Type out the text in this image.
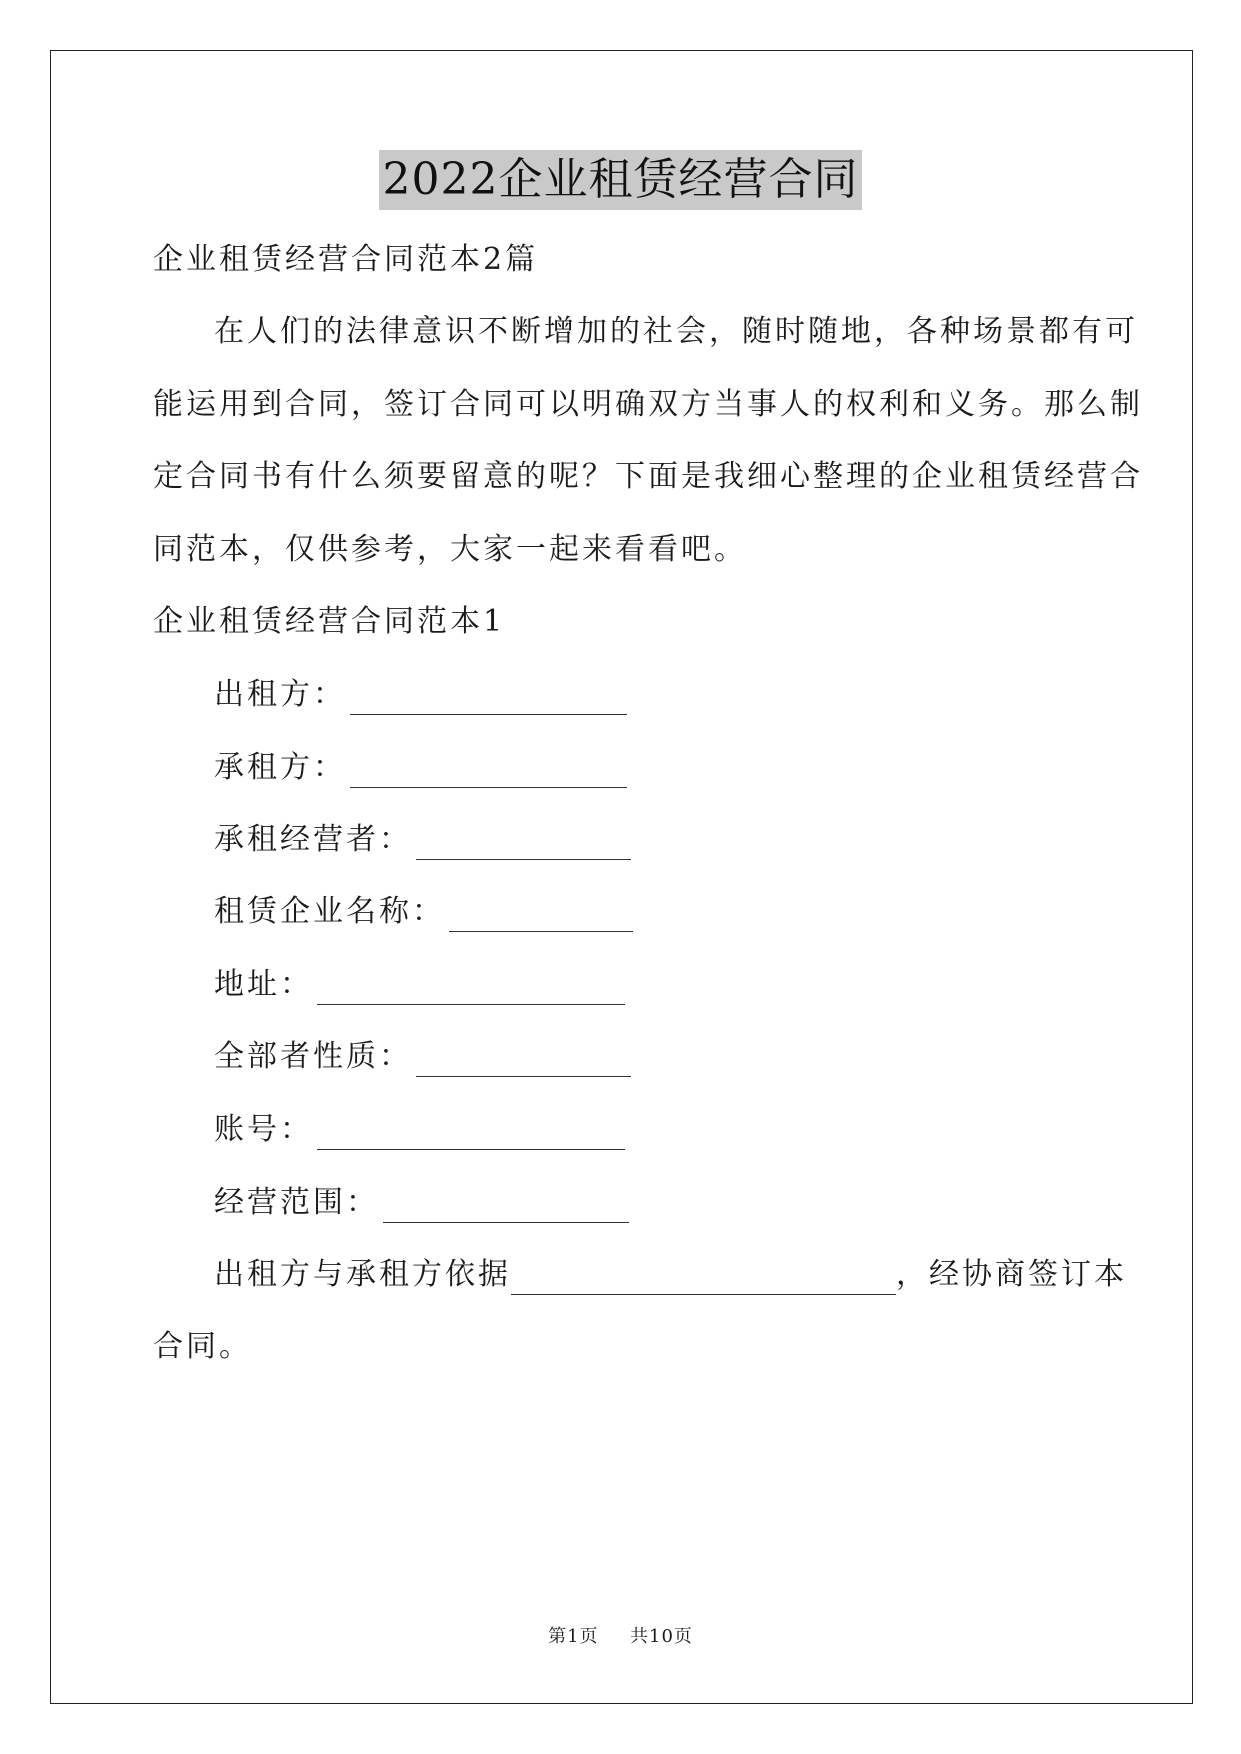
2022企业租赁经营合同
企业租赁经营合同范本2篇
在人们的法律意识不断增加的社会，随时随地，各种场景都有可
能运用到合同，签订合同可以明确双方当事人的权利和义务。那么制
定合同书有什么须要留意的呢？下面是我细心整理的企业租赁经营合
同范本，仅供参考，大家一起来看看吧。
企业租赁经营合同范本1
出租方：
承租方：
承租经营者：
租赁企业名称：
地址：
全部者性质：
账号：
经营范围：
出租方与承租方依据	，经协商签订本
合同。
第1页 共10页
